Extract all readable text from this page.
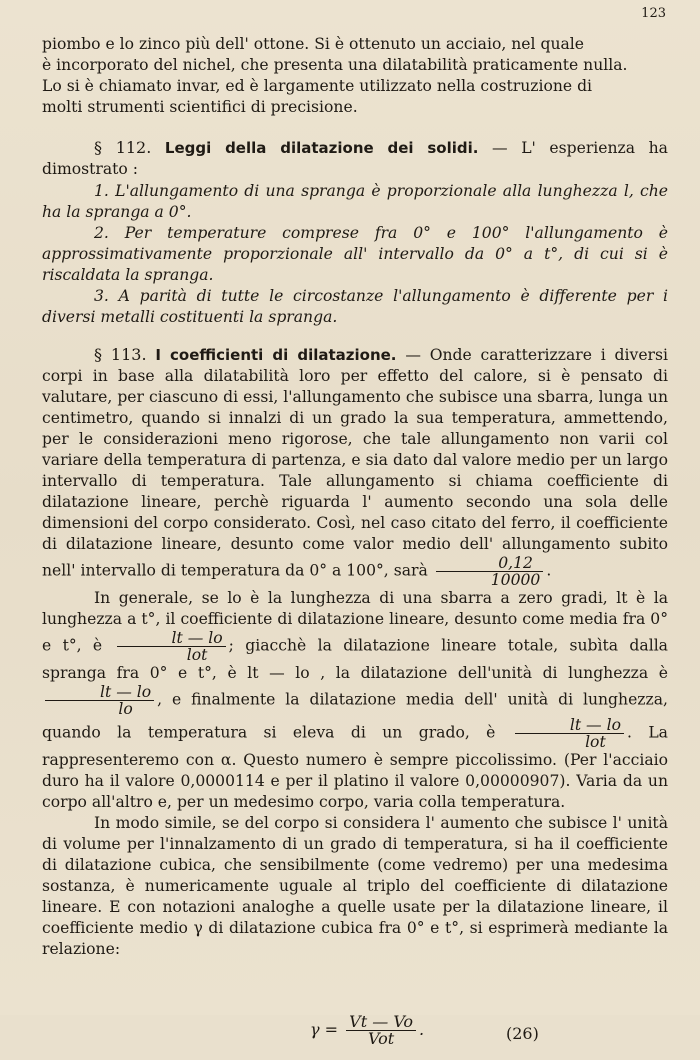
123

piombo e lo zinco più dell' ottone. Si è ottenuto un acciaio, nel quale

è incorporato del nichel, che presenta una dilatabilità praticamente nulla.

Lo si è chiamato invar, ed è largamente utilizzato nella costruzione di

molti strumenti scientifici di precisione.

§ 112. Leggi della dilatazione dei solidi. — L' esperienza ha dimostrato :

1. L'allungamento di una spranga è proporzionale alla lunghezza l, che ha la spranga a 0°.

2. Per temperature comprese fra 0° e 100° l'allungamento è approssimativamente proporzionale all' intervallo da 0° a t°, di cui si è riscaldata la spranga.

3. A parità di tutte le circostanze l'allungamento è differente per i diversi metalli costituenti la spranga.

§ 113. I coefficienti di dilatazione. — Onde caratterizzare i diversi corpi in base alla dilatabilità loro per effetto del calore, si è pensato di valutare, per ciascuno di essi, l'allungamento che subisce una sbarra, lunga un centimetro, quando si innalzi di un grado la sua temperatura, ammettendo, per le considerazioni meno rigorose, che tale allungamento non varii col variare della temperatura di partenza, e sia dato dal valore medio per un largo intervallo di temperatura. Tale allungamento si chiama coefficiente di dilatazione lineare, perchè riguarda l' aumento secondo una sola delle dimensioni del corpo considerato. Così, nel caso citato del ferro, il coefficiente di dilatazione lineare, desunto come valor medio dell' allungamento subito nell' intervallo di temperatura da 0° a 100°, sarà $\frac{0,12}{10000}$ .

In generale, se lo è la lunghezza di una sbarra a zero gradi, lt è la lunghezza a t°, il coefficiente di dilatazione lineare, desunto come media fra 0° e t°, è $\frac{lt — lo}{\text{lot}}$ ; giacchè la dilatazione lineare totale, subìta dalla spranga fra 0° e t°, è lt — lo , la dilatazione dell'unità di lunghezza è
$\frac{lt — lo}{lo}$ , e finalmente la dilatazione media dell' unità di lunghezza, quando la temperatura si eleva di un grado, è $\frac{lt — lo}{\text{lot}}$ . La rappresenteremo con α. Questo numero è sempre piccolissimo. (Per l'acciaio duro ha il valore 0,0000114 e per il platino il valore 0,00000907). Varia da un corpo all'altro e, per un medesimo corpo, varia colla temperatura.

In modo simile, se del corpo si considera l' aumento che subisce l' unità di volume per l'innalzamento di un grado di temperatura, si ha il coefficiente di dilatazione cubica, che sensibilmente (come vedremo) per una medesima sostanza, è numericamente uguale al triplo del coefficiente di dilatazione lineare. E con notazioni analoghe a quelle usate per la dilatazione lineare, il coefficiente medio γ di dilatazione cubica fra 0° e t°, si esprimerà mediante la relazione:

$\gamma = \frac{Vt — Vo}{\text{Vot}}$ .	(26)
